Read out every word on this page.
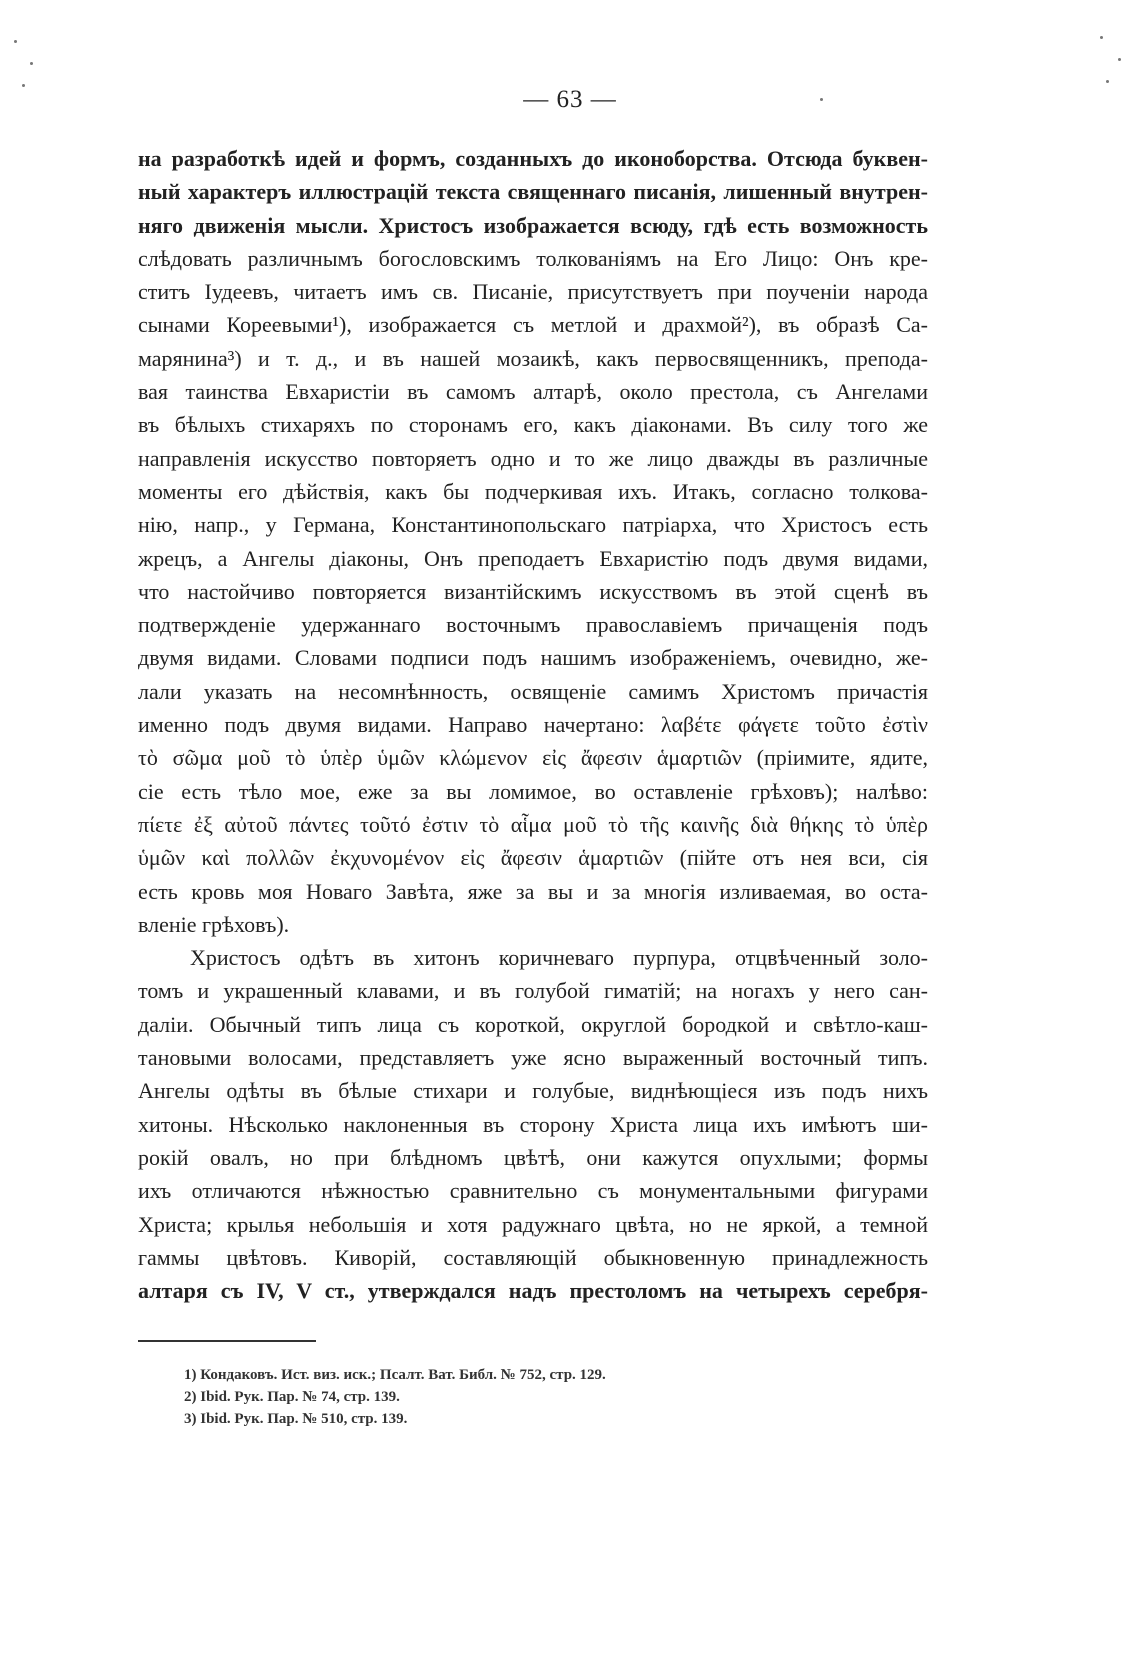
— 63 —
на разработкѣ идей и формъ, созданныхъ до иконоборства. Отсюда буквен-
ный характеръ иллюстрацій текста священнаго писанія, лишенный внутрен-
няго движенія мысли. Христосъ изображается всюду, гдѣ есть возможность
слѣдовать различнымъ богословскимъ толкованіямъ на Его Лицо: Онъ кре-
ститъ Іудеевъ, читаетъ имъ св. Писаніе, присутствуетъ при поученіи народа
сынами Кореевыми¹), изображается съ метлой и драхмой²), въ образѣ Са-
марянина³) и т. д., и въ нашей мозаикѣ, какъ первосвященникъ, препода-
вая таинства Евхаристіи въ самомъ алтарѣ, около престола, съ Ангелами
въ бѣлыхъ стихаряхъ по сторонамъ его, какъ діаконами. Въ силу того же
направленія искусство повторяетъ одно и то же лицо дважды въ различные
моменты его дѣйствія, какъ бы подчеркивая ихъ. Итакъ, согласно толкова-
нію, напр., у Германа, Константинопольскаго патріарха, что Христосъ есть
жрецъ, а Ангелы діаконы, Онъ преподаетъ Евхаристію подъ двумя видами,
что настойчиво повторяется византійскимъ искусствомъ въ этой сценѣ въ
подтвержденіе удержаннаго восточнымъ православіемъ причащенія подъ
двумя видами. Словами подписи подъ нашимъ изображеніемъ, очевидно, же-
лали указать на несомнѣнность, освященіе самимъ Христомъ причастія
именно подъ двумя видами. Направо начертано: λαβέτε φάγετε τοῦτο ἐστὶν
τὸ σῶμα μοῦ τὸ ὑπὲρ ὑμῶν κλώμενον εἰς ἄφεσιν ἁμαρτιῶν (пріимите, ядите,
сіе есть тѣло мое, еже за вы ломимое, во оставленіе грѣховъ); налѣво:
πίετε ἐξ αὐτοῦ πάντες τοῦτό ἐστιν τὸ αἷμα μοῦ τὸ τῆς καινῆς διὰ θήκης τὸ ὑπὲρ
ὑμῶν καὶ πολλῶν ἐκχυνομένον εἰς ἄφεσιν ἁμαρτιῶν (пійте отъ нея вси, сія
есть кровь моя Новаго Завѣта, яже за вы и за многія изливаемая, во оста-
вленіе грѣховъ).
Христосъ одѣтъ въ хитонъ коричневаго пурпура, отцвѣченный золо-
томъ и украшенный клавами, и въ голубой гиматій; на ногахъ у него сан-
даліи. Обычный типъ лица съ короткой, округлой бородкой и свѣтло-каш-
тановыми волосами, представляетъ уже ясно выраженный восточный типъ.
Ангелы одѣты въ бѣлые стихари и голубые, виднѣющіеся изъ подъ нихъ
хитоны. Нѣсколько наклоненныя въ сторону Христа лица ихъ имѣютъ ши-
рокій овалъ, но при блѣдномъ цвѣтѣ, они кажутся опухлыми; формы
ихъ отличаются нѣжностью сравнительно съ монументальными фигурами
Христа; крылья небольшія и хотя радужнаго цвѣта, но не яркой, а темной
гаммы цвѣтовъ. Киворій, составляющій обыкновенную принадлежность
алтаря съ IV, V ст., утверждался надъ престоломъ на четырехъ серебря-
1) Кондаковъ. Ист. виз. иск.; Псалт. Ват. Библ. № 752, стр. 129.
2) Ibid. Рук. Пар. № 74, стр. 139.
3) Ibid. Рук. Пар. № 510, стр. 139.
